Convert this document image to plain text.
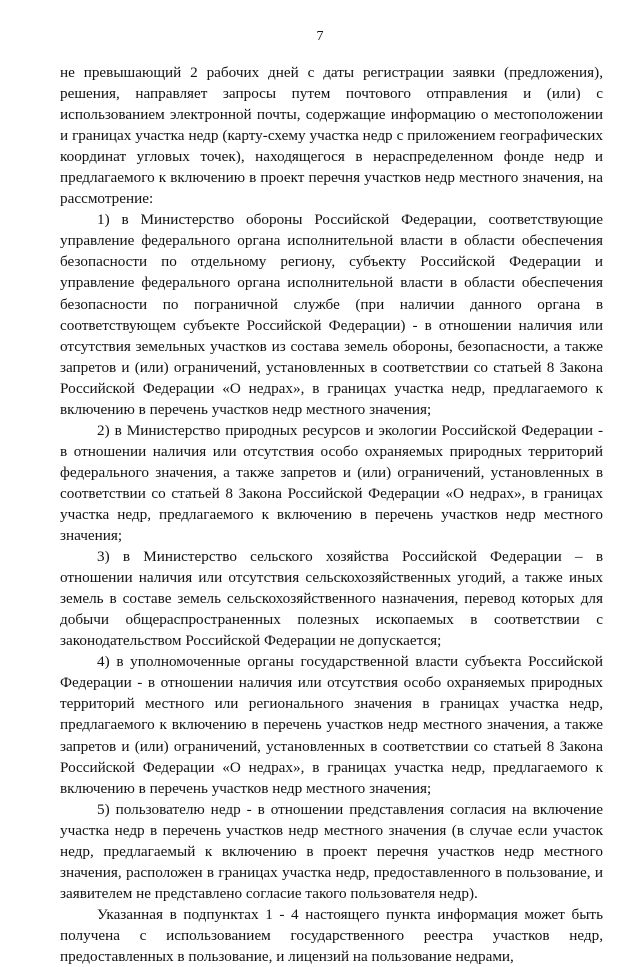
7

не превышающий 2 рабочих дней с даты регистрации заявки (предложения), решения, направляет запросы путем почтового отправления и (или) с использованием электронной почты, содержащие информацию о местоположении и границах участка недр (карту-схему участка недр с приложением географических координат угловых точек), находящегося в нераспределенном фонде недр и предлагаемого к включению в проект перечня участков недр местного значения, на рассмотрение:

1) в Министерство обороны Российской Федерации, соответствующие управление федерального органа исполнительной власти в области обеспечения безопасности по отдельному регионy, субъекту Российской Федерации и управление федерального органа исполнительной власти в области обеспечения безопасности по пограничной службе (при наличии данного органа в соответствующем субъекте Российской Федерации) - в отношении наличия или отсутствия земельных участков из состава земель обороны, безопасности, а также запретов и (или) ограничений, установленных в соответствии со статьей 8 Закона Российской Федерации «О недрах», в границах участка недр, предлагаемого к включению в перечень участков недр местного значения;

2) в Министерство природных ресурсов и экологии Российской Федерации - в отношении наличия или отсутствия особо охраняемых природных территорий федерального значения, а также запретов и (или) ограничений, установленных в соответствии со статьей 8 Закона Российской Федерации «О недрах», в границах участка недр, предлагаемого к включению в перечень участков недр местного значения;

3) в Министерство сельского хозяйства Российской Федерации – в отношении наличия или отсутствия сельскохозяйственных угодий, а также иных земель в составе земель сельскохозяйственного назначения, перевод которых для добычи общераспространенных полезных ископаемых в соответствии с законодательством Российской Федерации не допускается;

4) в уполномоченные органы государственной власти субъекта Российской Федерации - в отношении наличия или отсутствия особо охраняемых природных территорий местного или регионального значения в границах участка недр, предлагаемого к включению в перечень участков недр местного значения, а также запретов и (или) ограничений, установленных в соответствии со статьей 8 Закона Российской Федерации «О недрах», в границах участка недр, предлагаемого к включению в перечень участков недр местного значения;

5) пользователю недр - в отношении представления согласия на включение участка недр в перечень участков недр местного значения (в случае если участок недр, предлагаемый к включению в проект перечня участков недр местного значения, расположен в границах участка недр, предоставленного в пользование, и заявителем не представлено согласие такого пользователя недр).

Указанная в подпунктах 1 - 4 настоящего пункта информация может быть получена с использованием государственного реестра участков недр, предоставленных в пользование, и лицензий на пользование недрами,
